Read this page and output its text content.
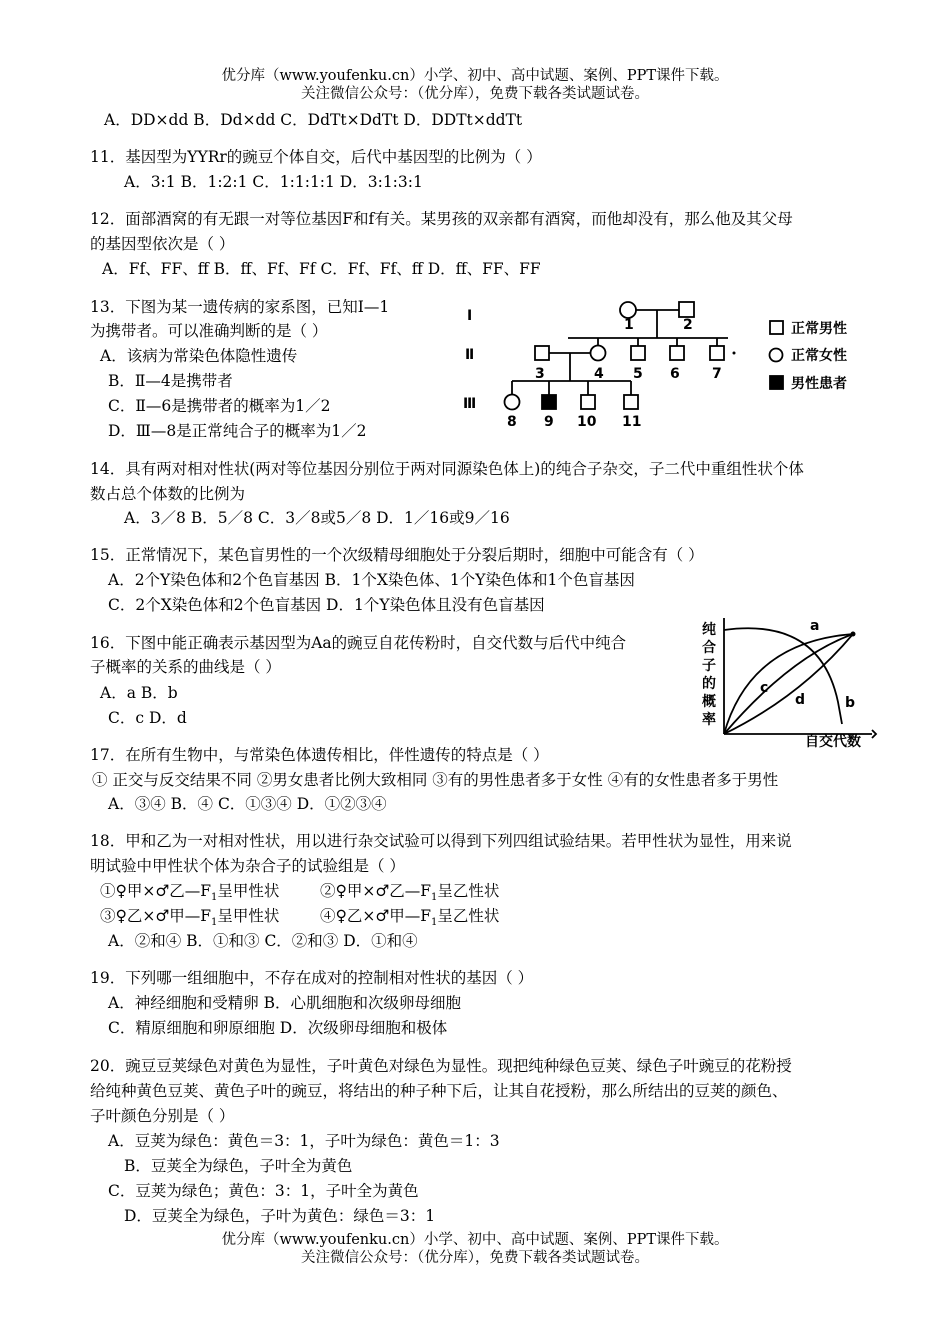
优分库（www.youfenku.cn）小学、初中、高中试题、案例、PPT课件下载。
关注微信公众号：（优分库），免费下载各类试题试卷。
A．DD×dd B．Dd×dd C．DdTt×DdTt D．DDTt×ddTt
11．基因型为YYRr的豌豆个体自交，后代中基因型的比例为（ ）
A．3:1 B．1:2:1 C．1:1:1:1 D．3:1:3:1
12．面部酒窝的有无跟一对等位基因F和f有关。某男孩的双亲都有酒窝，而他却没有，那么他及其父母
的基因型依次是（ ）
A．Ff、FF、ff B．ff、Ff、Ff C．Ff、Ff、ff D．ff、FF、FF
13．下图为某一遗传病的家系图，已知Ⅰ—1
为携带者。可以准确判断的是（ ）
A．该病为常染色体隐性遗传
B．Ⅱ—4是携带者
C．Ⅱ—6是携带者的概率为1／2
D．Ⅲ—8是正常纯合子的概率为1／2
Ⅰ
Ⅱ
Ⅲ
1	2
3	4 5 6 7
8 9 10 11
正常男性
正常女性
男性患者
14．具有两对相对性状(两对等位基因分别位于两对同源染色体上)的纯合子杂交，子二代中重组性状个体
数占总个体数的比例为
A．3／8 B．5／8 C．3／8或5／8 D．1／16或9／16
15．正常情况下，某色盲男性的一个次级精母细胞处于分裂后期时，细胞中可能含有（ ）
A．2个Y染色体和2个色盲基因 B．1个X染色体、1个Y染色体和1个色盲基因
C．2个X染色体和2个色盲基因 D．1个Y染色体且没有色盲基因
16．下图中能正确表示基因型为Aa的豌豆自花传粉时，自交代数与后代中纯合
子概率的关系的曲线是（ ）
A．a B．b
C．c D．d
纯
合
子
的
概
率
自交代数
a
b
c
d
17．在所有生物中，与常染色体遗传相比，伴性遗传的特点是（ ）
① 正交与反交结果不同 ②男女患者比例大致相同 ③有的男性患者多于女性 ④有的女性患者多于男性
A．③④ B．④ C．①③④ D．①②③④
18．甲和乙为一对相对性状，用以进行杂交试验可以得到下列四组试验结果。若甲性状为显性，用来说
明试验中甲性状个体为杂合子的试验组是（ ）
①♀甲×♂乙$—F_1$呈甲性状	②♀甲×♂乙$—F_1$呈乙性状
③♀乙×♂甲$—F_1$呈甲性状	④♀乙×♂甲$—F_1$呈乙性状
A．②和④ B．①和③ C．②和③ D．①和④
19．下列哪一组细胞中，不存在成对的控制相对性状的基因（ ）
A．神经细胞和受精卵 B．心肌细胞和次级卵母细胞
C．精原细胞和卵原细胞 D．次级卵母细胞和极体
20．豌豆豆荚绿色对黄色为显性，子叶黄色对绿色为显性。现把纯种绿色豆荚、绿色子叶豌豆的花粉授
给纯种黄色豆荚、黄色子叶的豌豆，将结出的种子种下后，让其自花授粉，那么所结出的豆荚的颜色、
子叶颜色分别是（ ）
A．豆荚为绿色：黄色＝3：1，子叶为绿色：黄色＝1：3
B．豆荚全为绿色，子叶全为黄色
C．豆荚为绿色；黄色：3：1，子叶全为黄色
D．豆荚全为绿色，子叶为黄色：绿色＝3：1
优分库（www.youfenku.cn）小学、初中、高中试题、案例、PPT课件下载。
关注微信公众号：（优分库），免费下载各类试题试卷。
